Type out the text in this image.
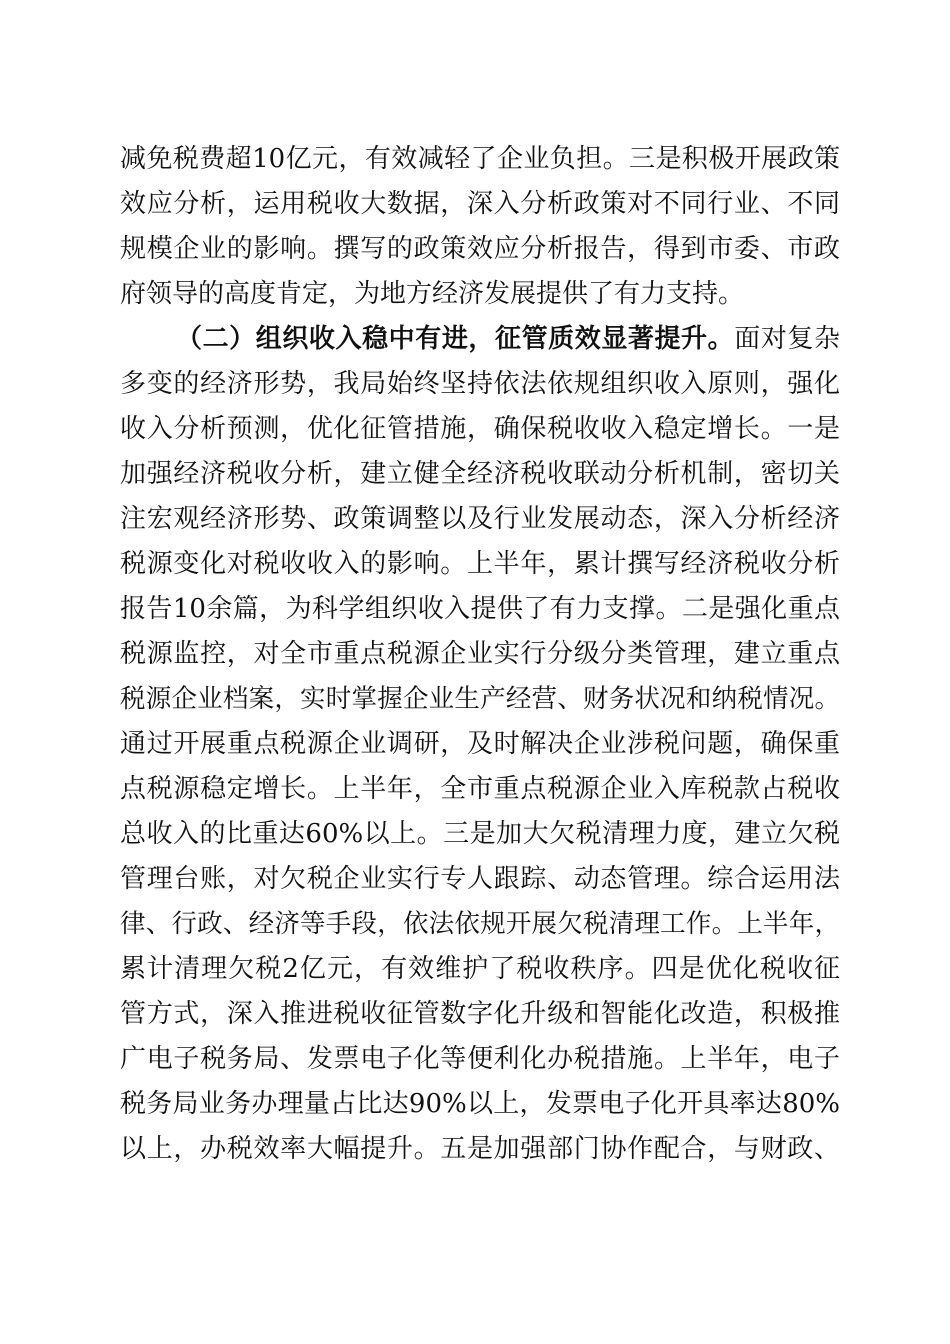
减免税费超10亿元，有效减轻了企业负担。三是积极开展政策
效应分析，运用税收大数据，深入分析政策对不同行业、不同
规模企业的影响。撰写的政策效应分析报告，得到市委、市政
府领导的高度肯定，为地方经济发展提供了有力支持。
（二）组织收入稳中有进，征管质效显著提升。面对复杂
多变的经济形势，我局始终坚持依法依规组织收入原则，强化
收入分析预测，优化征管措施，确保税收收入稳定增长。一是
加强经济税收分析，建立健全经济税收联动分析机制，密切关
注宏观经济形势、政策调整以及行业发展动态，深入分析经济
税源变化对税收收入的影响。上半年，累计撰写经济税收分析
报告10余篇，为科学组织收入提供了有力支撑。二是强化重点
税源监控，对全市重点税源企业实行分级分类管理，建立重点
税源企业档案，实时掌握企业生产经营、财务状况和纳税情况。
通过开展重点税源企业调研，及时解决企业涉税问题，确保重
点税源稳定增长。上半年，全市重点税源企业入库税款占税收
总收入的比重达60%以上。三是加大欠税清理力度，建立欠税
管理台账，对欠税企业实行专人跟踪、动态管理。综合运用法
律、行政、经济等手段，依法依规开展欠税清理工作。上半年，
累计清理欠税2亿元，有效维护了税收秩序。四是优化税收征
管方式，深入推进税收征管数字化升级和智能化改造，积极推
广电子税务局、发票电子化等便利化办税措施。上半年，电子
税务局业务办理量占比达90%以上，发票电子化开具率达80%
以上，办税效率大幅提升。五是加强部门协作配合，与财政、
